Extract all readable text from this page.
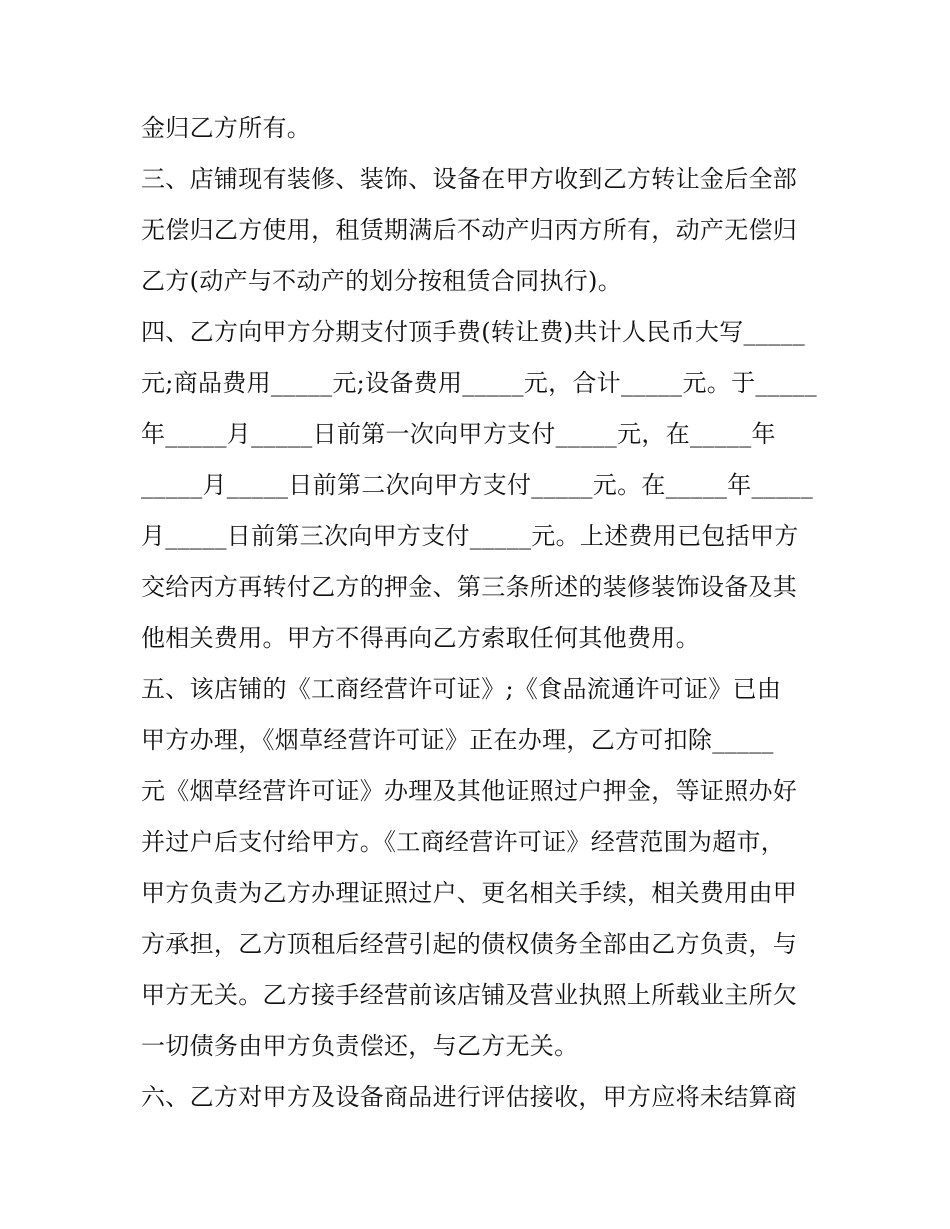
金归乙方所有。
三、店铺现有装修、装饰、设备在甲方收到乙方转让金后全部
无偿归乙方使用，租赁期满后不动产归丙方所有，动产无偿归
乙方(动产与不动产的划分按租赁合同执行)。
四、乙方向甲方分期支付顶手费(转让费)共计人民币大写_____
元;商品费用_____元;设备费用_____元，合计_____元。于_____
年_____月_____日前第一次向甲方支付_____元，在_____年
_____月_____日前第二次向甲方支付_____元。在_____年_____
月_____日前第三次向甲方支付_____元。上述费用已包括甲方
交给丙方再转付乙方的押金、第三条所述的装修装饰设备及其
他相关费用。甲方不得再向乙方索取任何其他费用。
五、该店铺的《工商经营许可证》;《食品流通许可证》已由
甲方办理，《烟草经营许可证》正在办理，乙方可扣除_____
元《烟草经营许可证》办理及其他证照过户押金，等证照办好
并过户后支付给甲方。《工商经营许可证》经营范围为超市，
甲方负责为乙方办理证照过户、更名相关手续，相关费用由甲
方承担，乙方顶租后经营引起的债权债务全部由乙方负责，与
甲方无关。乙方接手经营前该店铺及营业执照上所载业主所欠
一切债务由甲方负责偿还，与乙方无关。
六、乙方对甲方及设备商品进行评估接收，甲方应将未结算商
